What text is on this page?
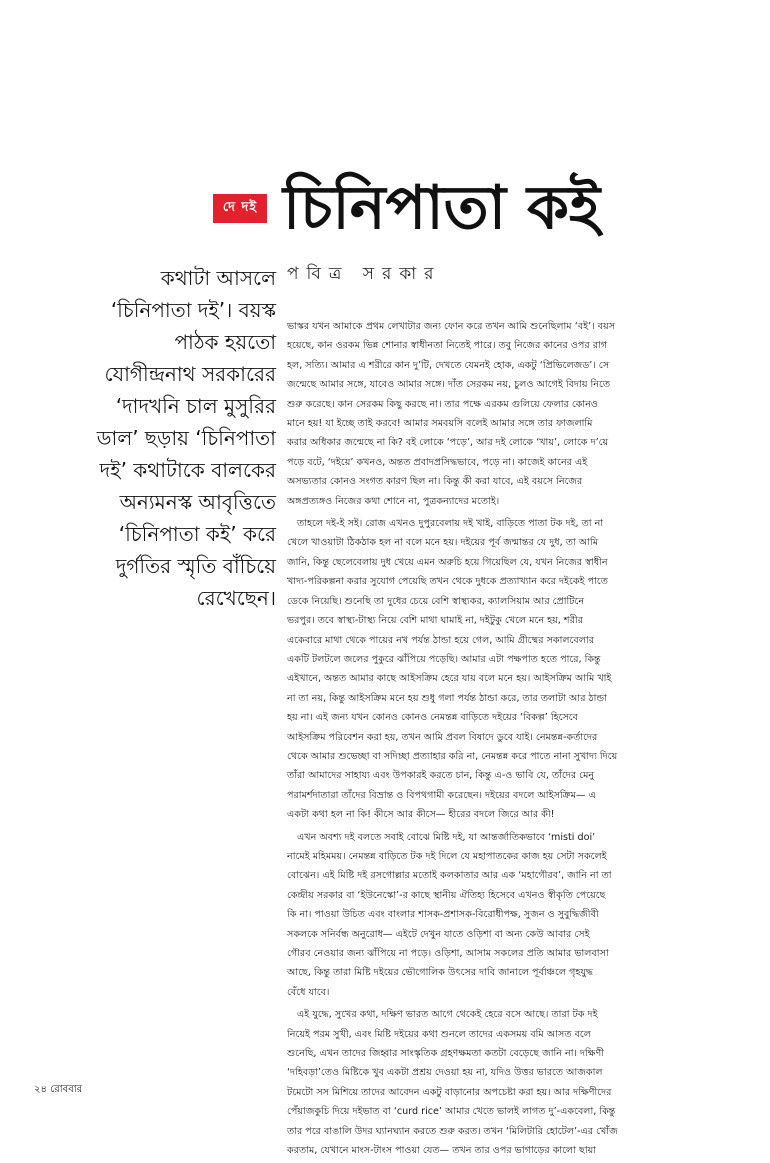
দে দই চিনিপাতা কই
পবিত্র সরকার
কথাটা আসলে
‘চিনিপাতা দই’। বয়স্ক
পাঠক হয়তো
যোগীন্দ্রনাথ সরকারের
‘দাদখনি চাল মুসুরির
ডাল’ ছড়ায় ‘চিনিপাতা
দই’ কথাটাকে বালকের
অন্যমনস্ক আবৃত্তিতে
‘চিনিপাতা কই’ করে
দুর্গতির স্মৃতি বাঁচিয়ে
রেখেছেন।

ভাস্কর যখন আমাকে প্রথম লেখাটার জন্য ফোন করে তখন আমি শুনেছিলাম ‘বই’। বয়স
হয়েছে, কান ওরকম ভিন্ন শোনার স্বাধীনতা নিতেই পারে। তবু নিজের কানের ওপর রাগ
হল, সত্যি। আমার এ শরীরে কান দু’টি, দেখতে যেমনই হোক, একটু ‘প্রিভিলেজড’। সে
জন্মেছে আমার সঙ্গে, যাবেও আমার সঙ্গে। দাঁত সেরকম নয়, চুলও আগেই বিদায় নিতে
শুরু করেছে। কান সেরকম কিছু করছে না। তার পক্ষে এরকম গুলিয়ে ফেলার কোনও
মানে হয়! যা ইচ্ছে তাই করবে! আমার সমবয়সি বলেই আমার সঙ্গে তার ফাজলামি
করার অধিকার জন্মেছে না কি? বই লোকে ‘পড়ে’, আর দই লোকে ‘খায়’, লোকে দ’য়ে
পড়ে বটে, ‘দইয়ে’ কখনও, অন্তত প্রবাদপ্রসিদ্ধভাবে, পড়ে না। কাজেই কানের এই
অসভ্যতার কোনও সংগত কারণ ছিল না। কিন্তু কী করা যাবে, এই বয়সে নিজের
অঙ্গপ্রত্যঙ্গও নিজের কথা শোনে না, পুত্রকন্যাদের মতোই।

তাহলে দই-ই সই। রোজ এখনও দুপুরবেলায় দই খাই, বাড়িতে পাতা টক দই, তা না
খেলে খাওয়াটা ঠিকঠাক হল না বলে মনে হয়। দইয়ের পূর্ব জন্মান্তর যে দুধ, তা আমি
জানি, কিন্তু ছেলেবেলায় দুধ খেয়ে এমন অরুচি হয়ে গিয়েছিল যে, যখন নিজের স্বাধীন
খাদ্য-পরিকল্পনা করার সুযোগ পেয়েছি তখন থেকে দুধকে প্রত্যাখ্যান করে দইকেই পাতে
ডেকে নিয়েছি। শুনেছি তা দুধের চেয়ে বেশি স্বাস্থ্যকর, ক্যালসিয়াম আর প্রোটিনে
ভরপুর। তবে স্বাস্থ্য-টাস্থ্য নিয়ে বেশি মাথা ঘামাই না, দইটুকু খেলে মনে হয়, শরীর
একেবারে মাথা থেকে পায়ের নখ পর্যন্ত ঠান্ডা হয়ে গেল, আমি গ্রীষ্মের সকালবেলার
একটি টলটলে জলের পুকুরে ঝাঁপিয়ে পড়েছি। আমার এটা পক্ষপাত হতে পারে, কিন্তু
এইখানে, অন্তত আমার কাছে আইসক্রিম হেরে যায় বলে মনে হয়। আইসক্রিম আমি খাই
না তা নয়, কিন্তু আইসক্রিম মনে হয় শুধু গলা পর্যন্ত ঠান্ডা করে, তার তলাটা আর ঠান্ডা
হয় না। এই জন্য যখন কোনও কোনও নেমন্তন্ন বাড়িতে দইয়ের ‘বিকল্প’ হিসেবে
আইসক্রিম পরিবেশন করা হয়, তখন আমি প্রবল বিষাদে ডুবে যাই। নেমন্তন্ন-কর্তাদের
থেকে আমার শুভেচ্ছা বা সদিচ্ছা প্রত্যাহার করি না, নেমন্তন্ন করে পাতে নানা সুখাদ্য দিয়ে
তাঁরা আমাদের সাহায্য এবং উপকারই করতে চান, কিন্তু এ-ও ভাবি যে, তাঁদের মেনু
পরামর্শদাতারা তাঁদের বিভ্রান্ত ও বিপথগামী করেছেন। দইয়ের বদলে আইসক্রিম— এ
একটা কথা হল না কি! কীসে আর কীসে— হীরের বদলে জিরে আর কী!

এখন অবশ্য দই বলতে সবাই বোঝে মিষ্টি দই, যা আন্তর্জাতিকভাবে ‘misti doi’
নামেই মহিমময়। নেমন্তন্ন বাড়িতে টক দই দিলে যে মহাপাতকের কাজ হয় সেটা সকলেই
বোঝেন। এই মিষ্টি দই রসগোল্লার মতোই কলকাতার আর এক ‘মহাগৌরব’, জানি না তা
কেন্দ্রীয় সরকার বা ‘ইউনেস্কো’-র কাছে স্থানীয় ঐতিহ্য হিসেবে এখনও স্বীকৃতি পেয়েছে
কি না। পাওয়া উচিত এবং বাংলার শাসক-প্রশাসক-বিরোধীপক্ষ, সুজন ও সুবুদ্ধিজীবী
সকলকে সনির্বন্ধ অনুরোধ— এইটে দেখুন যাতে ওড়িশা বা অন্য কেউ আবার সেই
গৌরব নেওয়ার জন্য ঝাঁপিয়ে না পড়ে। ওড়িশা, আসাম সকলের প্রতি আমার ভালবাসা
আছে, কিন্তু তারা মিষ্টি দইয়ের ভৌগোলিক উৎসের দাবি জানালে পূর্বাঞ্চলে গৃহযুদ্ধ
বেঁধে যাবে।

এই যুদ্ধে, সুখের কথা, দক্ষিণ ভারত আগে থেকেই হেরে বসে আছে। তারা টক দই
নিয়েই পরম সুখী, এবং মিষ্টি দইয়ের কথা শুনলে তাদের একসময় বমি আসত বলে
শুনেছি, এখন তাদের জিহ্বার সাংস্কৃতিক গ্রহণক্ষমতা কতটা বেড়েছে জানি না। দক্ষিণী
‘দহিবড়া’তেও মিষ্টিকে খুব একটা প্রশ্রয় দেওয়া হয় না, যদিও উত্তর ভারতে আজকাল
টমেটো সস মিশিয়ে তাদের আবেদন একটু বাড়ানোর অপচেষ্টা করা হয়। আর দক্ষিণীদের
পেঁয়াজকুচি দিয়ে দইভাত বা ‘curd rice’ আমার খেতে ভালই লাগত দু’-একবেলা, কিন্তু
তার পরে বাঙালি উদর ঘ্যানঘ্যান করতে শুরু করত। তখন ‘মিলিটারি হোটেল’-এর খোঁজ
করতাম, যেখানে মাংস-টাংস পাওয়া যেত— তখন তার ওপর ভাগাড়ের কালো ছায়া

২৪ রোববার
